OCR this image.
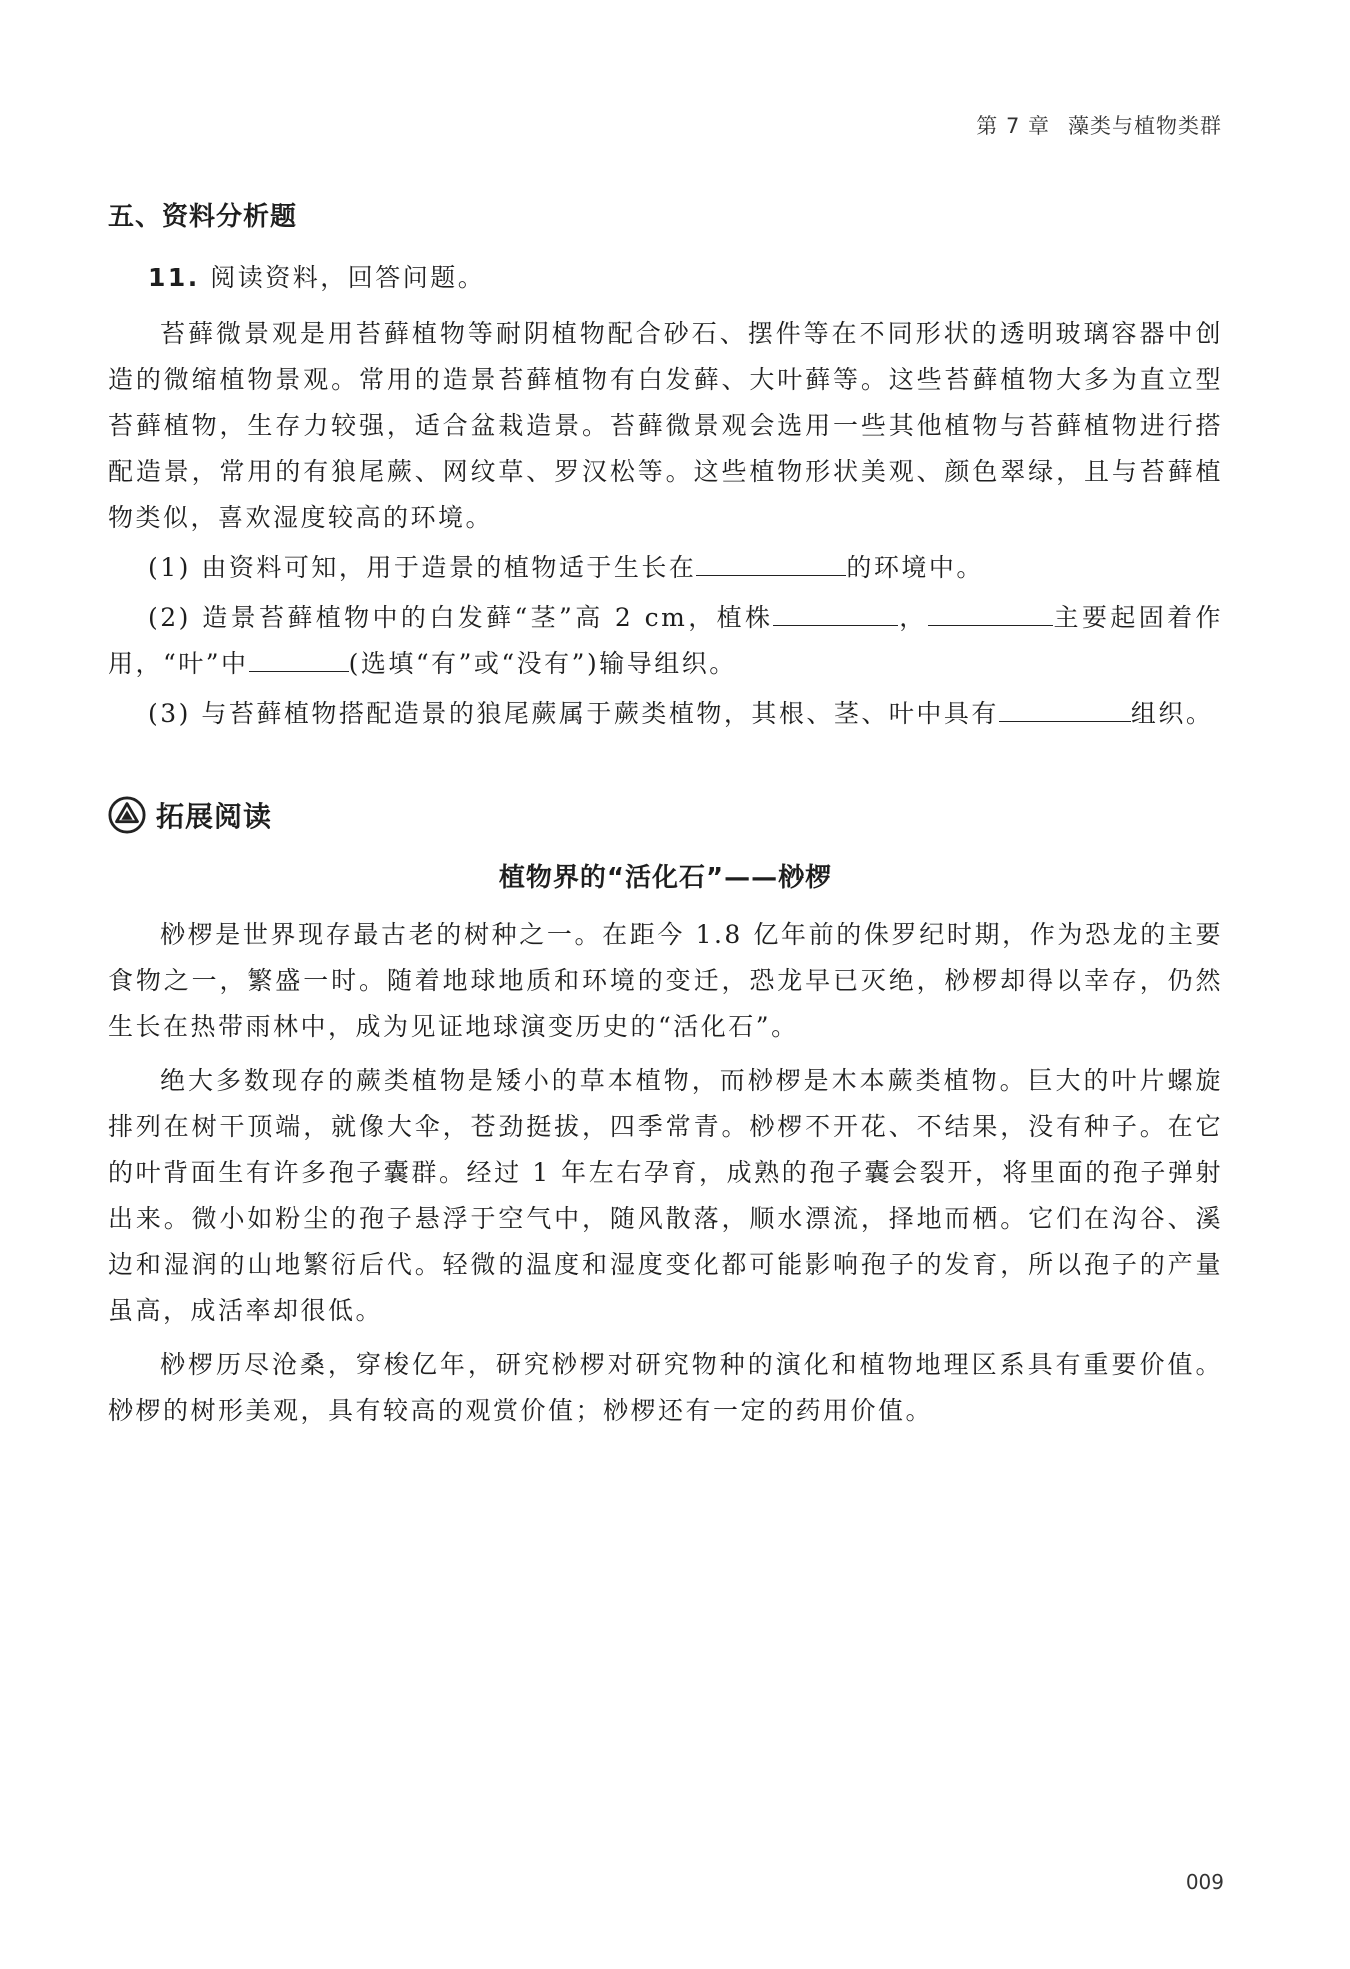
第 7 章 藻类与植物类群
五、资料分析题

11. 阅读资料，回答问题。

苔藓微景观是用苔藓植物等耐阴植物配合砂石、摆件等在不同形状的透明玻璃容器中创造的微缩植物景观。常用的造景苔藓植物有白发藓、大叶藓等。这些苔藓植物大多为直立型苔藓植物，生存力较强，适合盆栽造景。苔藓微景观会选用一些其他植物与苔藓植物进行搭配造景，常用的有狼尾蕨、网纹草、罗汉松等。这些植物形状美观、颜色翠绿，且与苔藓植物类似，喜欢湿度较高的环境。

(1) 由资料可知，用于造景的植物适于生长在	的环境中。

(2) 造景苔藓植物中的白发藓“茎”高 2 cm，植株	，	主要起固着作用，“叶”中	(选填“有”或“没有”)输导组织。

(3) 与苔藓植物搭配造景的狼尾蕨属于蕨类植物，其根、茎、叶中具有	组织。

拓展阅读
植物界的“活化石”——桫椤

桫椤是世界现存最古老的树种之一。在距今 1.8 亿年前的侏罗纪时期，作为恐龙的主要食物之一，繁盛一时。随着地球地质和环境的变迁，恐龙早已灭绝，桫椤却得以幸存，仍然生长在热带雨林中，成为见证地球演变历史的“活化石”。

绝大多数现存的蕨类植物是矮小的草本植物，而桫椤是木本蕨类植物。巨大的叶片螺旋排列在树干顶端，就像大伞，苍劲挺拔，四季常青。桫椤不开花、不结果，没有种子。在它的叶背面生有许多孢子囊群。经过 1 年左右孕育，成熟的孢子囊会裂开，将里面的孢子弹射出来。微小如粉尘的孢子悬浮于空气中，随风散落，顺水漂流，择地而栖。它们在沟谷、溪边和湿润的山地繁衍后代。轻微的温度和湿度变化都可能影响孢子的发育，所以孢子的产量虽高，成活率却很低。

桫椤历尽沧桑，穿梭亿年，研究桫椤对研究物种的演化和植物地理区系具有重要价值。桫椤的树形美观，具有较高的观赏价值；桫椤还有一定的药用价值。

009
